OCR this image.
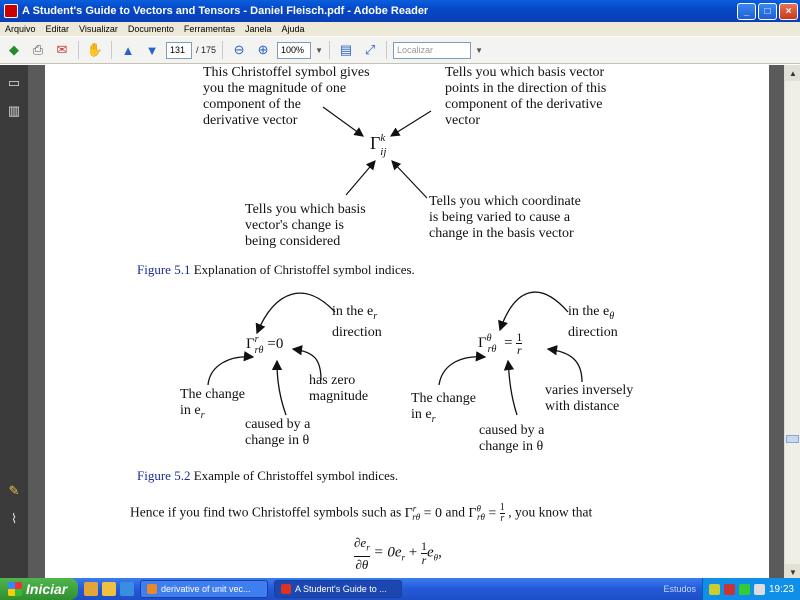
A Student's Guide to Vectors and Tensors - Daniel Fleisch.pdf - Adobe Reader	_	□	×
Arquivo	Editar	Visualizar	Documento	Ferramentas	Janela	Ajuda
◆	⎙	✉	✋ ▲ ▼	131	/ 175	⊖	⊕	100%	▼ ▤ ⤢	Localizar	▼
▭
▥
✎
⌇
This Christoffel symbol gives
you the magnitude of one
component of the
derivative vector
Tells you which basis vector
points in the direction of this
component of the derivative
vector
$\Gamma^k_{ij}$
Tells you which basis
vector's change is
being considered
Tells you which coordinate
is being varied to cause a
change in the basis vector
Figure 5.1 Explanation of Christoffel symbol indices.
in the $e_r$
direction
$\Gamma^r_{r\theta} =0$
The change
in $e_r$
has zero
magnitude
caused by a
change in θ
in the $e_\theta$
direction
$\Gamma^\theta_{r\theta} = \frac{1}{r}$
The change
in $e_r$
varies inversely
with distance
caused by a
change in θ
Figure 5.2 Example of Christoffel symbol indices.
Hence if you find two Christoffel symbols such as $\Gamma^r_{r\theta} = 0$ and $\Gamma^\theta_{r\theta} = \frac{1}{r}$ , you know that
$\frac{\partial e_r}{\partial\theta} = 0e_r + \frac{1}{r} e_\theta$,
▲
▼
Iniciar	derivative of unit vec...	A Student's Guide to ...	Estudos	19:23
